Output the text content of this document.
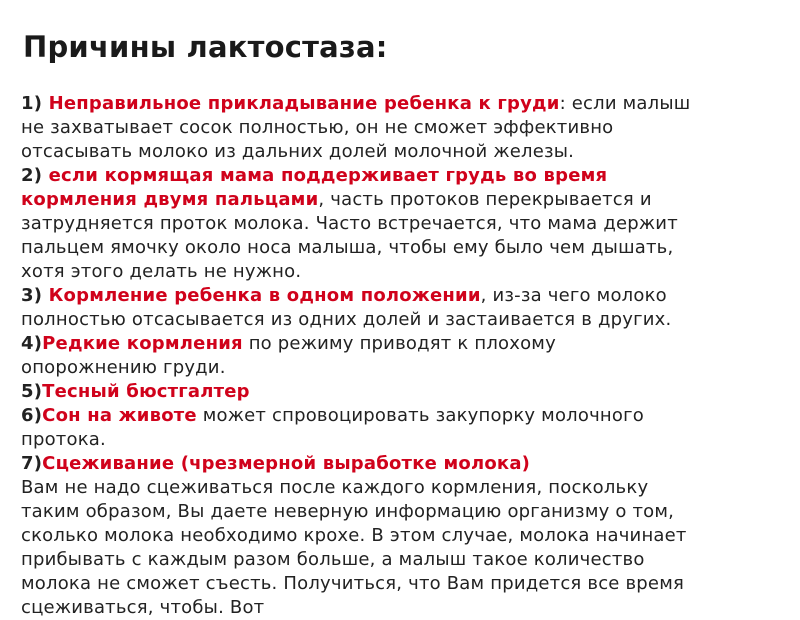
Причины лактостаза:
1) Неправильное прикладывание ребенка к груди: если малыш
не захватывает сосок полностью, он не сможет эффективно
отсасывать молоко из дальних долей молочной железы.
2) если кормящая мама поддерживает грудь во время
кормления двумя пальцами, часть протоков перекрывается и
затрудняется проток молока. Часто встречается, что мама держит
пальцем ямочку около носа малыша, чтобы ему было чем дышать,
хотя этого делать не нужно.
3) Кормление ребенка в одном положении, из-за чего молоко
полностью отсасывается из одних долей и застаивается в других.
4)Редкие кормления по режиму приводят к плохому
опорожнению груди.
5)Тесный бюстгалтер
6)Сон на животе может спровоцировать закупорку молочного
протока.
7)Сцеживание (чрезмерной выработке молока)
Вам не надо сцеживаться после каждого кормления, поскольку
таким образом, Вы даете неверную информацию организму о том,
сколько молока необходимо крохе. В этом случае, молока начинает
прибывать с каждым разом больше, а малыш такое количество
молока не сможет съесть. Получиться, что Вам придется все время
сцеживаться, чтобы. Вот
